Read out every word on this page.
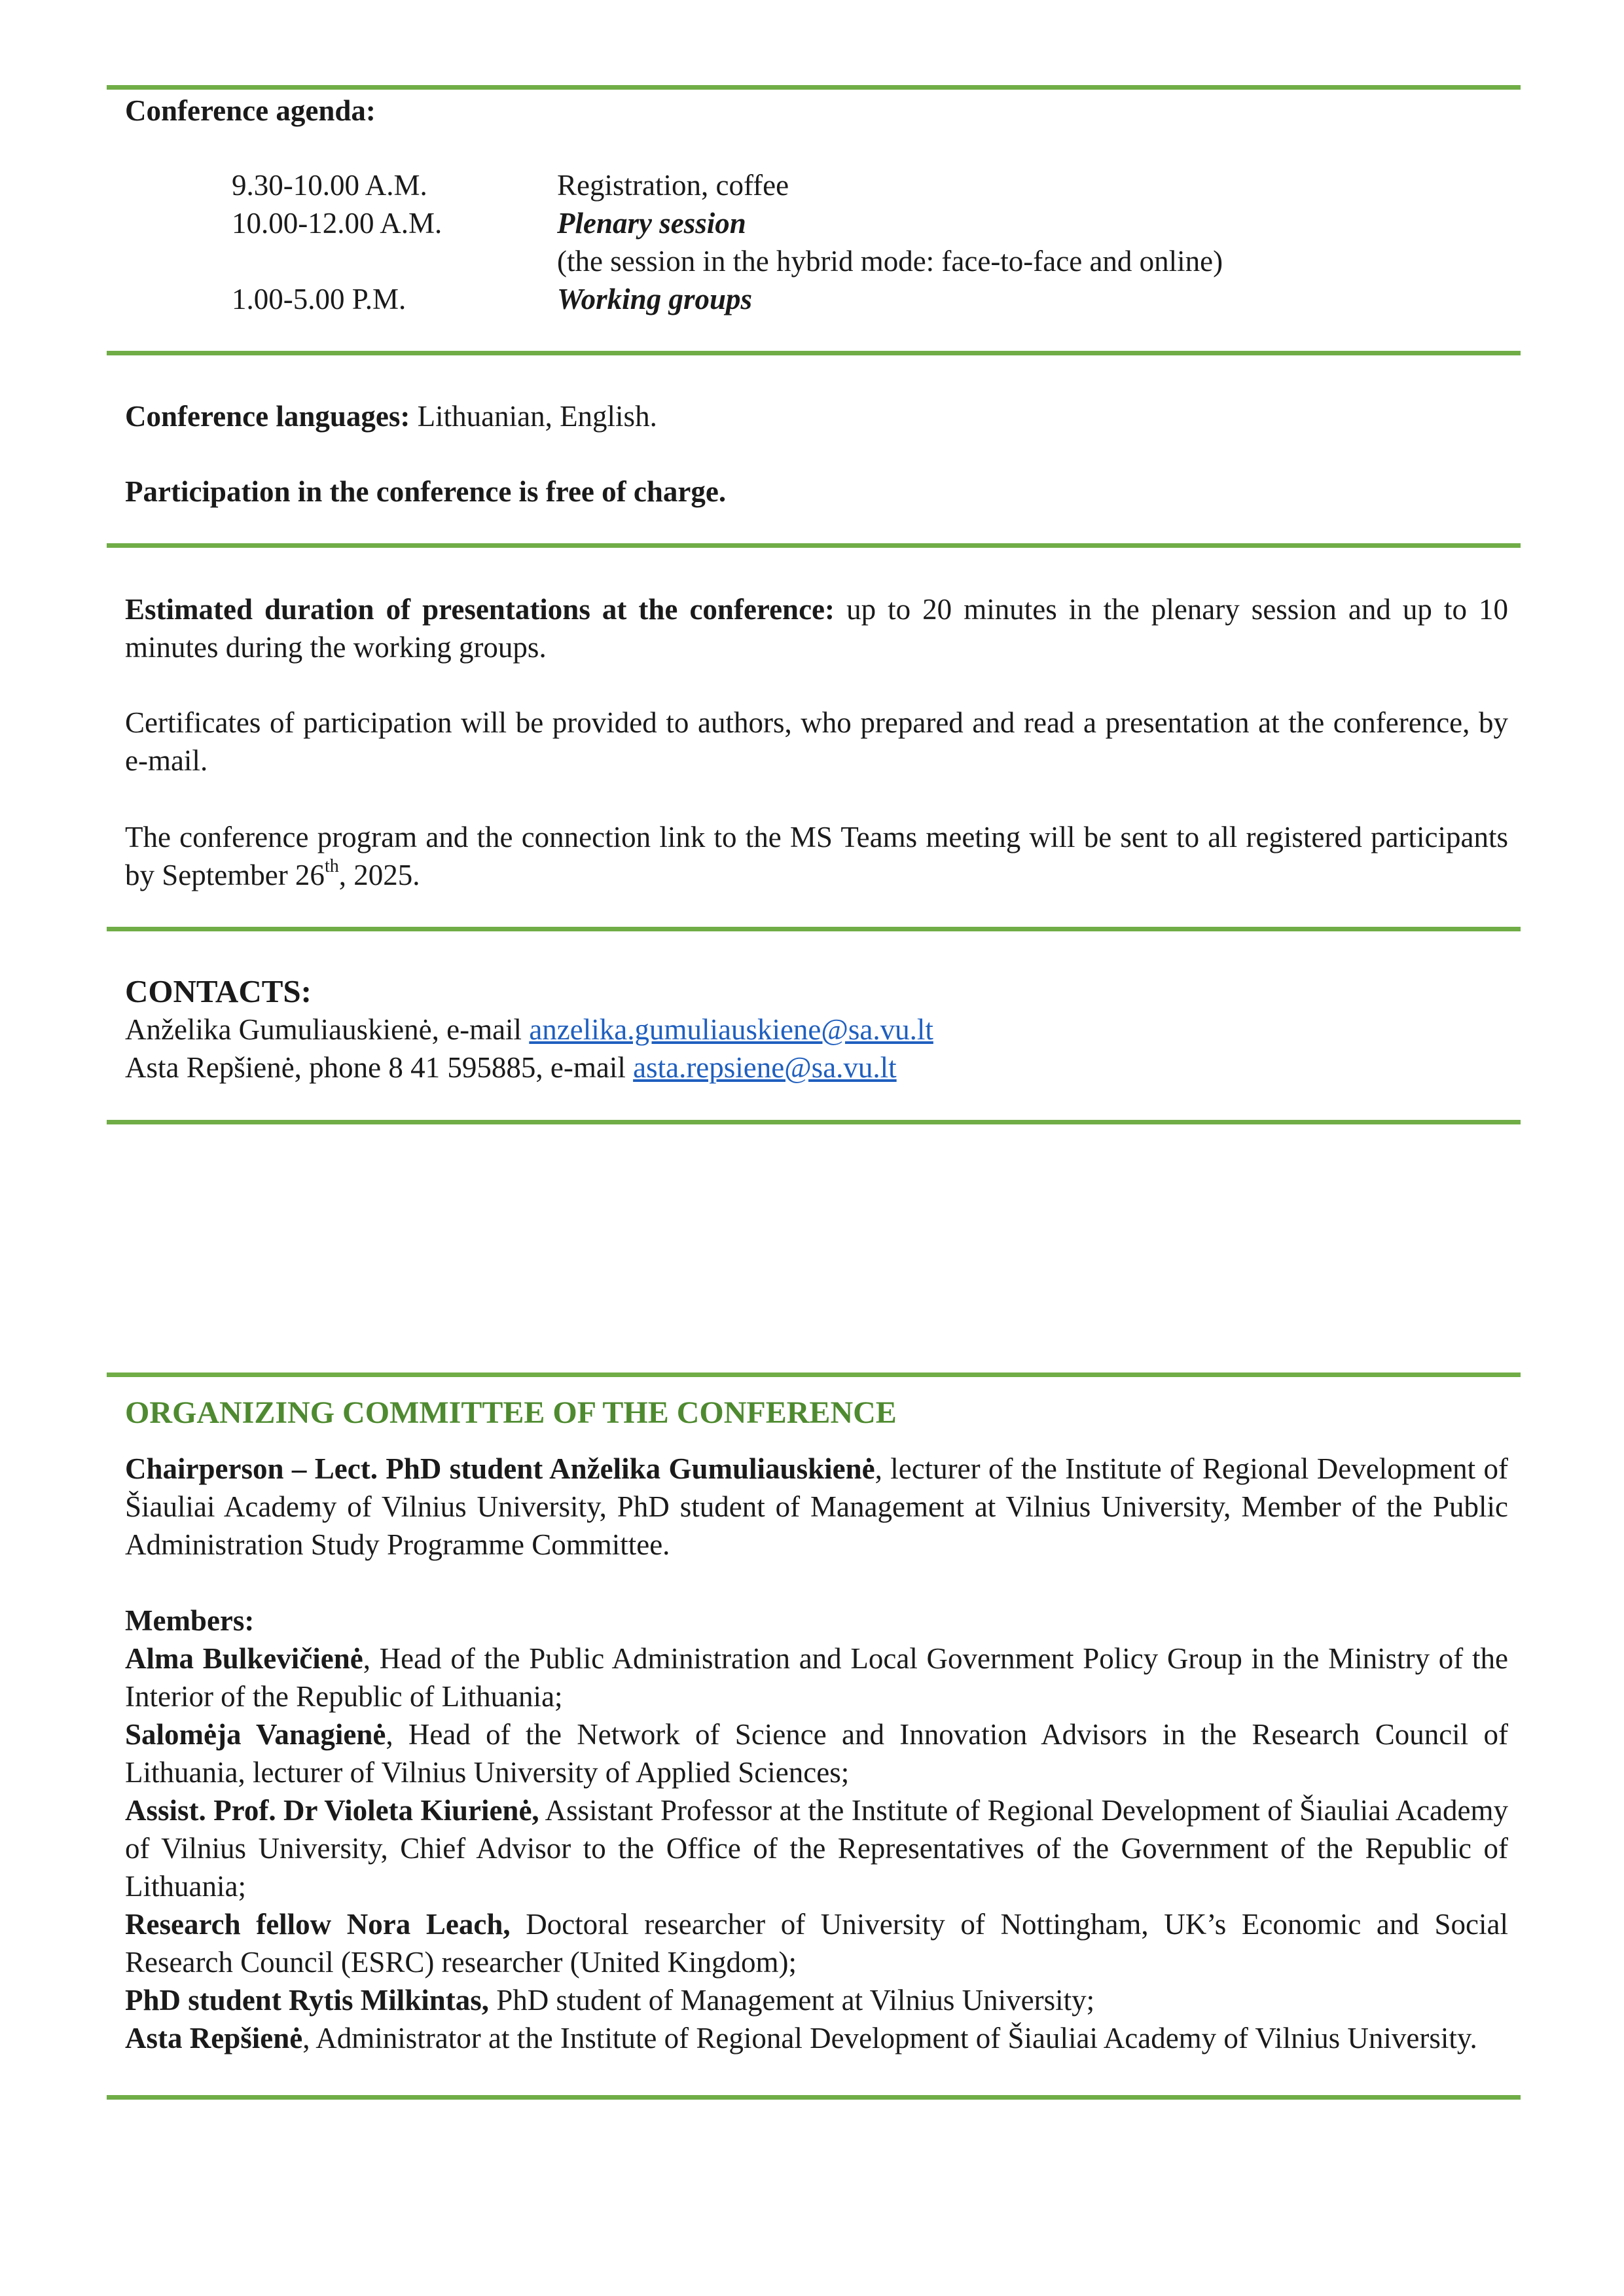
Conference agenda:
9.30-10.00 A.M.	Registration, coffee
10.00-12.00 A.M.	Plenary session
(the session in the hybrid mode: face-to-face and online)
1.00-5.00 P.M.	Working groups
Conference languages: Lithuanian, English.
Participation in the conference is free of charge.
Estimated duration of presentations at the conference: up to 20 minutes in the plenary session and up to 10 minutes during the working groups.
Certificates of participation will be provided to authors, who prepared and read a presentation at the conference, by e-mail.
The conference program and the connection link to the MS Teams meeting will be sent to all registered participants by September 26th, 2025.
CONTACTS:
Anželika Gumuliauskienė, e-mail anzelika.gumuliauskiene@sa.vu.lt
Asta Repšienė, phone 8 41 595885, e-mail asta.repsiene@sa.vu.lt
ORGANIZING COMMITTEE OF THE CONFERENCE

Chairperson – Lect. PhD student Anželika Gumuliauskienė, lecturer of the Institute of Regional Development of Šiauliai Academy of Vilnius University, PhD student of Management at Vilnius University, Member of the Public Administration Study Programme Committee.

Members:

Alma Bulkevičienė, Head of the Public Administration and Local Government Policy Group in the Ministry of the Interior of the Republic of Lithuania;

Salomėja Vanagienė, Head of the Network of Science and Innovation Advisors in the Research Council of Lithuania, lecturer of Vilnius University of Applied Sciences;

Assist. Prof. Dr Violeta Kiurienė, Assistant Professor at the Institute of Regional Development of Šiauliai Academy of Vilnius University, Chief Advisor to the Office of the Representatives of the Government of the Republic of Lithuania;

Research fellow Nora Leach, Doctoral researcher of University of Nottingham, UK’s Economic and Social Research Council (ESRC) researcher (United Kingdom);

PhD student Rytis Milkintas, PhD student of Management at Vilnius University;

Asta Repšienė, Administrator at the Institute of Regional Development of Šiauliai Academy of Vilnius University.
